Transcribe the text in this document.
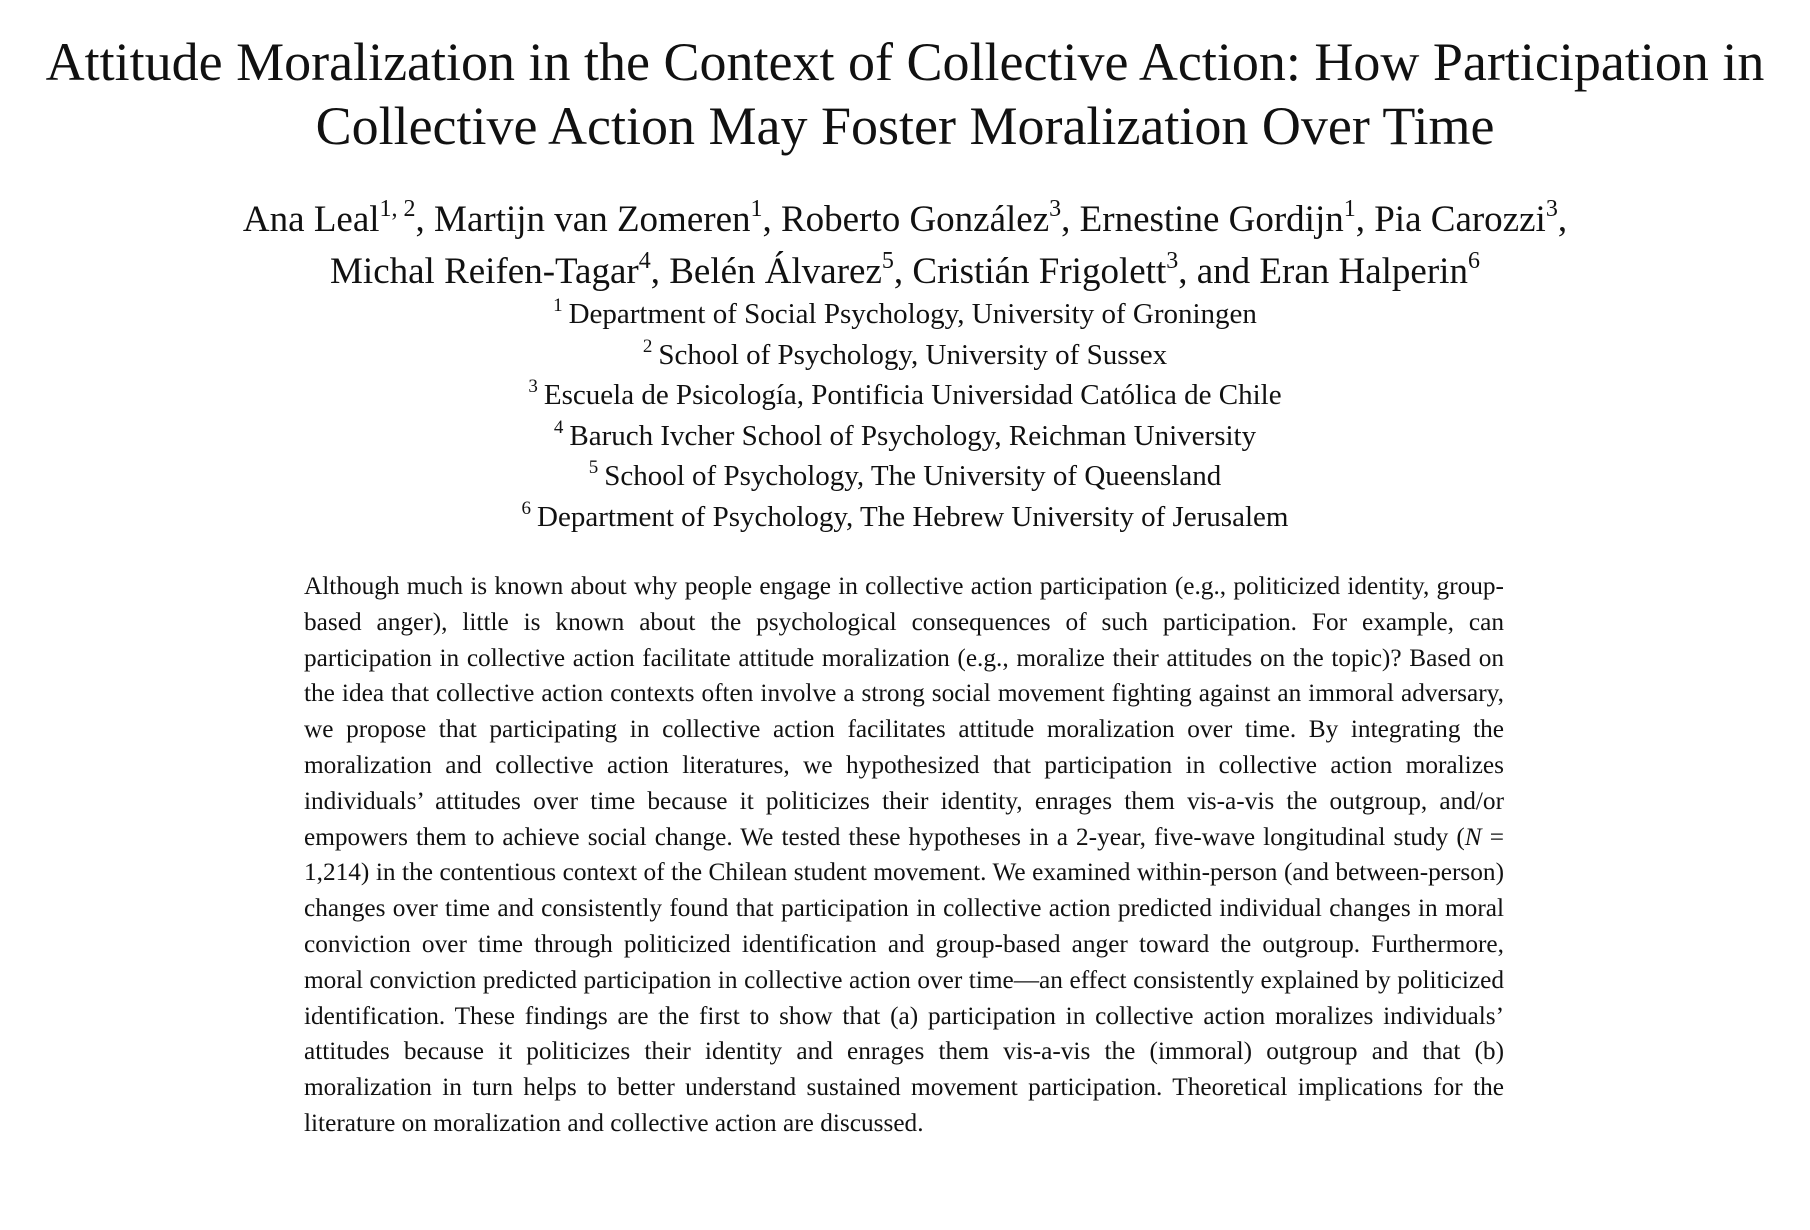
Attitude Moralization in the Context of Collective Action: How Participation in
Collective Action May Foster Moralization Over Time
Ana Leal$^{1, 2}$, Martijn van Zomeren$^1$, Roberto González$^3$, Ernestine Gordijn$^1$, Pia Carozzi$^3$,
Michal Reifen-Tagar$^4$, Belén Álvarez$^5$, Cristián Frigolett$^3$, and Eran Halperin$^6$
$^1$ Department of Social Psychology, University of Groningen
$^2$ School of Psychology, University of Sussex
$^3$ Escuela de Psicología, Pontificia Universidad Católica de Chile
$^4$ Baruch Ivcher School of Psychology, Reichman University
$^5$ School of Psychology, The University of Queensland
$^6$ Department of Psychology, The Hebrew University of Jerusalem

Although much is known about why people engage in collective action participation (e.g., politicized identity, group-based anger), little is known about the psychological consequences of such participation. For example, can participation in collective action facilitate attitude moralization (e.g., moralize their attitudes on the topic)? Based on the idea that collective action contexts often involve a strong social movement fighting against an immoral adversary, we propose that participating in collective action facilitates attitude moralization over time. By integrating the moralization and collective action literatures, we hypothesized that participation in collective action moralizes individuals’ attitudes over time because it politicizes their identity, enrages them vis-a-vis the outgroup, and/or empowers them to achieve social change. We tested these hypotheses in a 2-year, five-wave longitudinal study (N = 1,214) in the contentious context of the Chilean student movement. We examined within-person (and between-person) changes over time and consistently found that participation in collective action predicted individual changes in moral conviction over time through politicized identification and group-based anger toward the outgroup. Furthermore, moral conviction predicted participation in collective action over time—an effect consistently explained by politicized identification. These findings are the first to show that (a) participation in collective action moralizes individuals’ attitudes because it politicizes their identity and enrages them vis-a-vis the (immoral) outgroup and that (b) moralization in turn helps to better understand sustained movement participation. Theoretical implications for the literature on moralization and collective action are discussed.
